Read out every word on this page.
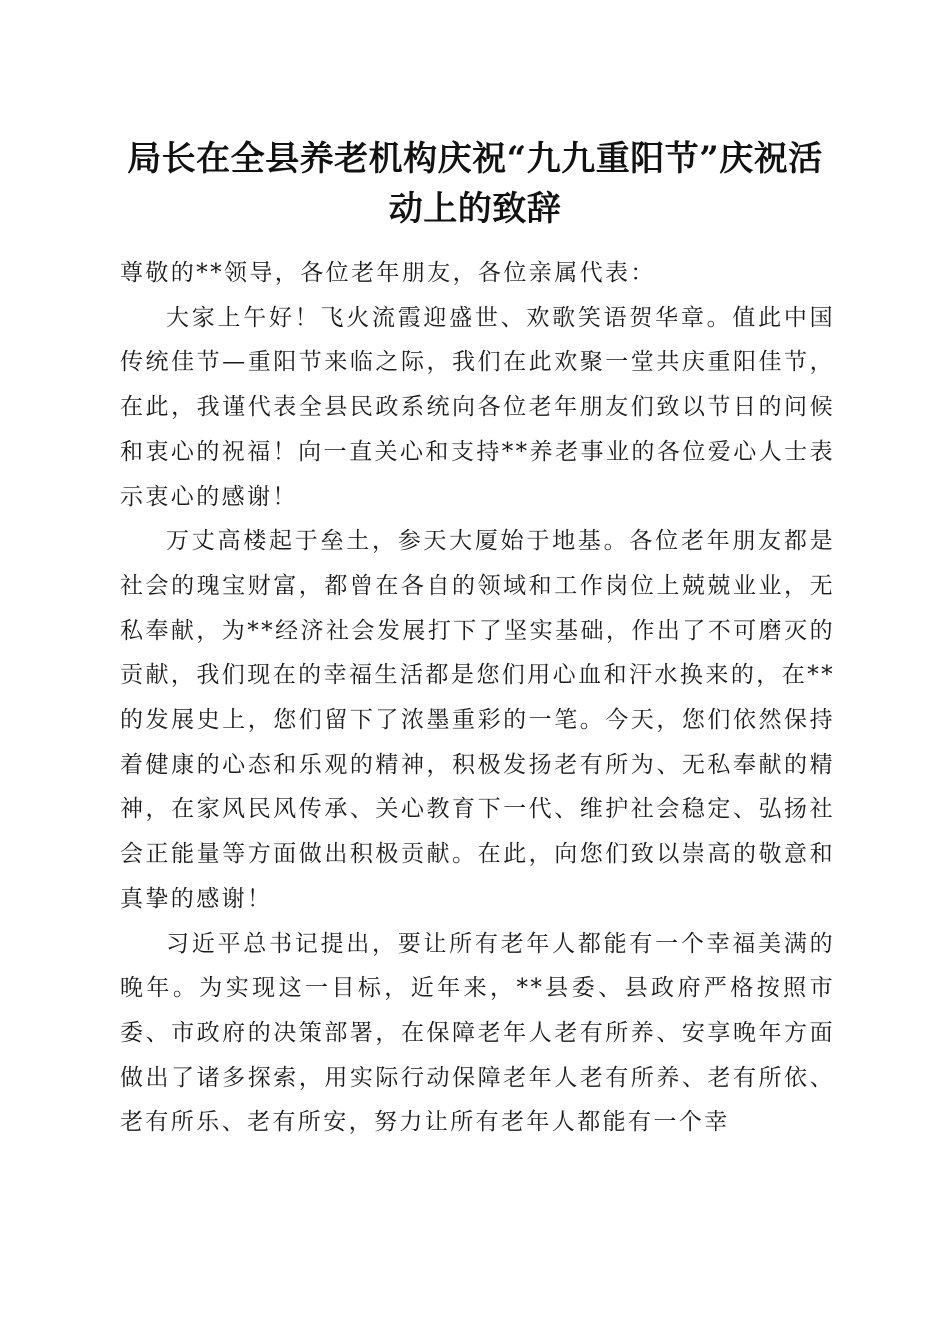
局长在全县养老机构庆祝“九九重阳节”庆祝活动上的致辞

尊敬的**领导，各位老年朋友，各位亲属代表：

大家上午好！飞火流霞迎盛世、欢歌笑语贺华章。值此中国传统佳节—重阳节来临之际，我们在此欢聚一堂共庆重阳佳节，在此，我谨代表全县民政系统向各位老年朋友们致以节日的问候和衷心的祝福！向一直关心和支持**养老事业的各位爱心人士表示衷心的感谢！

万丈高楼起于垒土，参天大厦始于地基。各位老年朋友都是社会的瑰宝财富，都曾在各自的领域和工作岗位上兢兢业业，无私奉献，为**经济社会发展打下了坚实基础，作出了不可磨灭的贡献，我们现在的幸福生活都是您们用心血和汗水换来的，在**的发展史上，您们留下了浓墨重彩的一笔。今天，您们依然保持着健康的心态和乐观的精神，积极发扬老有所为、无私奉献的精神，在家风民风传承、关心教育下一代、维护社会稳定、弘扬社会正能量等方面做出积极贡献。在此，向您们致以崇高的敬意和真挚的感谢！

习近平总书记提出，要让所有老年人都能有一个幸福美满的晚年。为实现这一目标，近年来，**县委、县政府严格按照市委、市政府的决策部署，在保障老年人老有所养、安享晚年方面做出了诸多探索，用实际行动保障老年人老有所养、老有所依、老有所乐、老有所安，努力让所有老年人都能有一个幸
